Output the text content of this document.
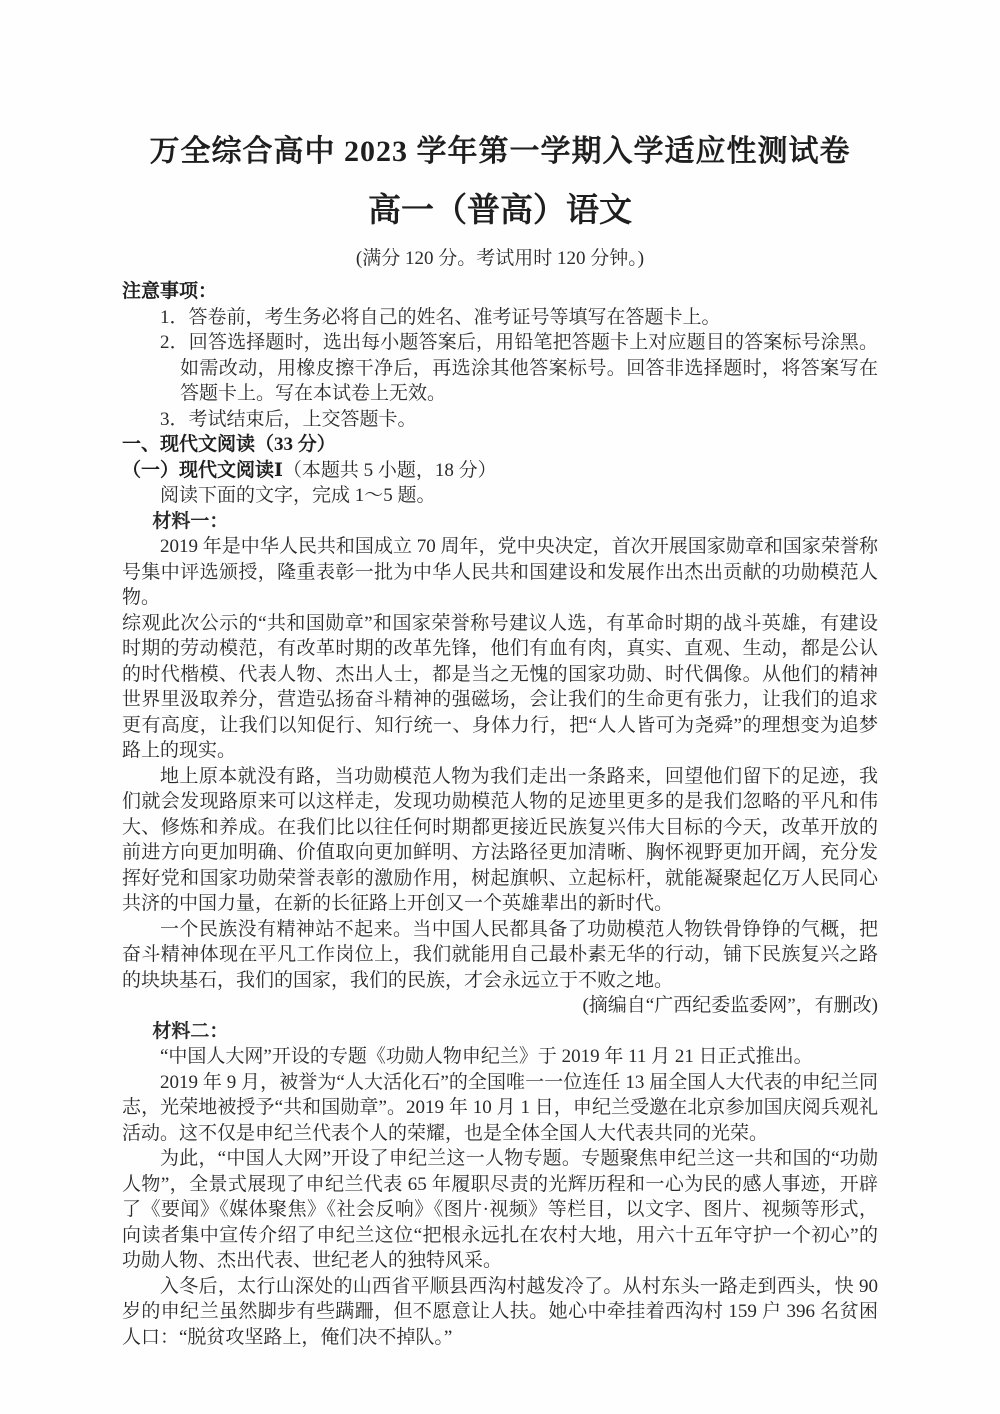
万全综合高中 2023 学年第一学期入学适应性测试卷
高一（普高）语文
(满分 120 分。考试用时 120 分钟。)
注意事项：
1．答卷前，考生务必将自己的姓名、准考证号等填写在答题卡上。
2．回答选择题时，选出每小题答案后，用铅笔把答题卡上对应题目的答案标号涂黑。如需改动，用橡皮擦干净后，再选涂其他答案标号。回答非选择题时，将答案写在答题卡上。写在本试卷上无效。
3．考试结束后，上交答题卡。
一、现代文阅读（33 分）
（一）现代文阅读Ⅰ（本题共 5 小题，18 分）

阅读下面的文字，完成 1～5 题。

材料一：

2019 年是中华人民共和国成立 70 周年，党中央决定，首次开展国家勋章和国家荣誉称号集中评选颁授，隆重表彰一批为中华人民共和国建设和发展作出杰出贡献的功勋模范人物。

综观此次公示的“共和国勋章”和国家荣誉称号建议人选，有革命时期的战斗英雄，有建设时期的劳动模范，有改革时期的改革先锋，他们有血有肉，真实、直观、生动，都是公认的时代楷模、代表人物、杰出人士，都是当之无愧的国家功勋、时代偶像。从他们的精神世界里汲取养分，营造弘扬奋斗精神的强磁场，会让我们的生命更有张力，让我们的追求更有高度，让我们以知促行、知行统一、身体力行，把“人人皆可为尧舜”的理想变为追梦路上的现实。

地上原本就没有路，当功勋模范人物为我们走出一条路来，回望他们留下的足迹，我们就会发现路原来可以这样走，发现功勋模范人物的足迹里更多的是我们忽略的平凡和伟大、修炼和养成。在我们比以往任何时期都更接近民族复兴伟大目标的今天，改革开放的前进方向更加明确、价值取向更加鲜明、方法路径更加清晰、胸怀视野更加开阔，充分发挥好党和国家功勋荣誉表彰的激励作用，树起旗帜、立起标杆，就能凝聚起亿万人民同心共济的中国力量，在新的长征路上开创又一个英雄辈出的新时代。

一个民族没有精神站不起来。当中国人民都具备了功勋模范人物铁骨铮铮的气概，把奋斗精神体现在平凡工作岗位上，我们就能用自己最朴素无华的行动，铺下民族复兴之路的块块基石，我们的国家，我们的民族，才会永远立于不败之地。

(摘编自“广西纪委监委网”，有删改)

材料二：

“中国人大网”开设的专题《功勋人物申纪兰》于 2019 年 11 月 21 日正式推出。

2019 年 9 月，被誉为“人大活化石”的全国唯一一位连任 13 届全国人大代表的申纪兰同志，光荣地被授予“共和国勋章”。2019 年 10 月 1 日，申纪兰受邀在北京参加国庆阅兵观礼活动。这不仅是申纪兰代表个人的荣耀，也是全体全国人大代表共同的光荣。

为此，“中国人大网”开设了申纪兰这一人物专题。专题聚焦申纪兰这一共和国的“功勋人物”，全景式展现了申纪兰代表 65 年履职尽责的光辉历程和一心为民的感人事迹，开辟了《要闻》《媒体聚焦》《社会反响》《图片·视频》等栏目，以文字、图片、视频等形式，向读者集中宣传介绍了申纪兰这位“把根永远扎在农村大地，用六十五年守护一个初心”的功勋人物、杰出代表、世纪老人的独特风采。

入冬后，太行山深处的山西省平顺县西沟村越发冷了。从村东头一路走到西头，快 90 岁的申纪兰虽然脚步有些蹒跚，但不愿意让人扶。她心中牵挂着西沟村 159 户 396 名贫困人口：“脱贫攻坚路上，俺们决不掉队。”
